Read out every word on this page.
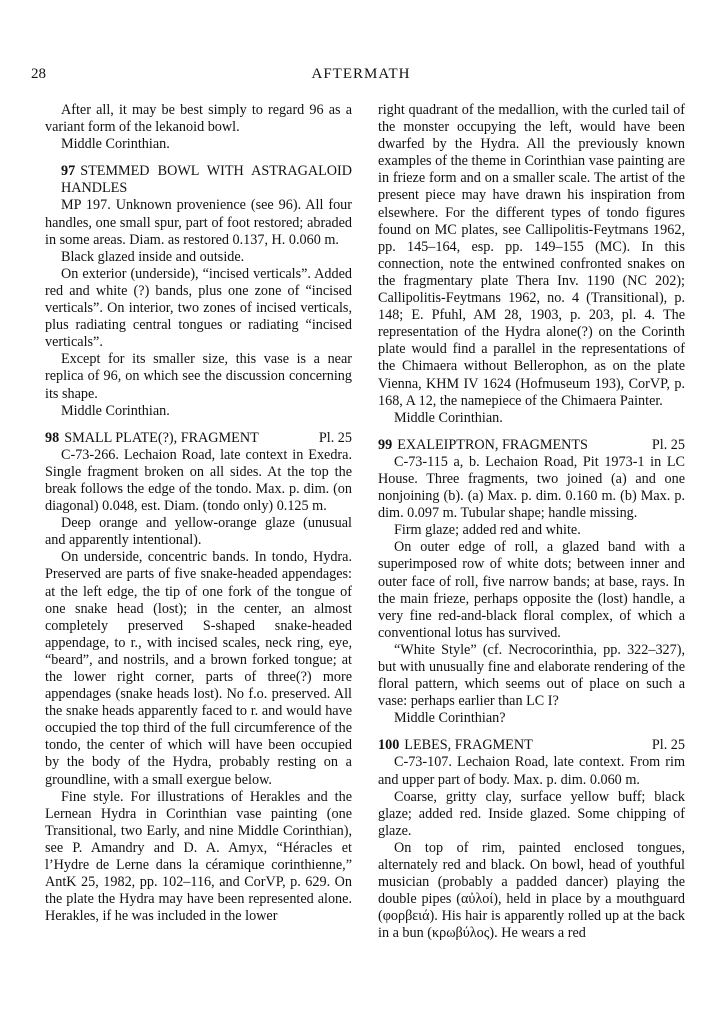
28	AFTERMATH

After all, it may be best simply to regard 96 as a variant form of the lekanoid bowl.

Middle Corinthian.

97 STEMMED BOWL WITH ASTRAGALOID HANDLES

MP 197. Unknown provenience (see 96). All four handles, one small spur, part of foot restored; abraded in some areas. Diam. as restored 0.137, H. 0.060 m.

Black glazed inside and outside.

On exterior (underside), “incised verticals”. Added red and white (?) bands, plus one zone of “incised verticals”. On interior, two zones of incised verticals, plus radiating central tongues or radiating “incised verticals”.

Except for its smaller size, this vase is a near replica of 96, on which see the discussion concerning its shape.

Middle Corinthian.

98 SMALL PLATE(?), FRAGMENT	Pl. 25

C-73-266. Lechaion Road, late context in Exedra. Single fragment broken on all sides. At the top the break follows the edge of the tondo. Max. p. dim. (on diagonal) 0.048, est. Diam. (tondo only) 0.125 m.

Deep orange and yellow-orange glaze (unusual and apparently intentional).

On underside, concentric bands. In tondo, Hydra. Preserved are parts of five snake-headed appendages: at the left edge, the tip of one fork of the tongue of one snake head (lost); in the center, an almost completely preserved S-shaped snake-headed appendage, to r., with incised scales, neck ring, eye, “beard”, and nostrils, and a brown forked tongue; at the lower right corner, parts of three(?) more appendages (snake heads lost). No f.o. preserved. All the snake heads apparently faced to r. and would have occupied the top third of the full circumference of the tondo, the center of which will have been occupied by the body of the Hydra, probably resting on a groundline, with a small exergue below.

Fine style. For illustrations of Herakles and the Lernean Hydra in Corinthian vase painting (one Transitional, two Early, and nine Middle Corinthian), see P. Amandry and D. A. Amyx, “Héracles et l’Hydre de Lerne dans la céramique corinthienne,” AntK 25, 1982, pp. 102–116, and CorVP, p. 629. On the plate the Hydra may have been represented alone. Herakles, if he was included in the lower

right quadrant of the medallion, with the curled tail of the monster occupying the left, would have been dwarfed by the Hydra. All the previously known examples of the theme in Corinthian vase painting are in frieze form and on a smaller scale. The artist of the present piece may have drawn his inspiration from elsewhere. For the different types of tondo figures found on MC plates, see Callipolitis-Feytmans 1962, pp. 145–164, esp. pp. 149–155 (MC). In this connection, note the entwined confronted snakes on the fragmentary plate Thera Inv. 1190 (NC 202); Callipolitis-Feytmans 1962, no. 4 (Transitional), p. 148; E. Pfuhl, AM 28, 1903, p. 203, pl. 4. The representation of the Hydra alone(?) on the Corinth plate would find a parallel in the representations of the Chimaera without Bellerophon, as on the plate Vienna, KHM IV 1624 (Hofmuseum 193), CorVP, p. 168, A 12, the namepiece of the Chimaera Painter.

Middle Corinthian.

99 EXALEIPTRON, FRAGMENTS	Pl. 25

C-73-115 a, b. Lechaion Road, Pit 1973-1 in LC House. Three fragments, two joined (a) and one nonjoining (b). (a) Max. p. dim. 0.160 m. (b) Max. p. dim. 0.097 m. Tubular shape; handle missing.

Firm glaze; added red and white.

On outer edge of roll, a glazed band with a superimposed row of white dots; between inner and outer face of roll, five narrow bands; at base, rays. In the main frieze, perhaps opposite the (lost) handle, a very fine red-and-black floral complex, of which a conventional lotus has survived.

“White Style” (cf. Necrocorinthia, pp. 322–327), but with unusually fine and elaborate rendering of the floral pattern, which seems out of place on such a vase: perhaps earlier than LC I?

Middle Corinthian?

100 LEBES, FRAGMENT	Pl. 25

C-73-107. Lechaion Road, late context. From rim and upper part of body. Max. p. dim. 0.060 m.

Coarse, gritty clay, surface yellow buff; black glaze; added red. Inside glazed. Some chipping of glaze.

On top of rim, painted enclosed tongues, alternately red and black. On bowl, head of youthful musician (probably a padded dancer) playing the double pipes (αὐλοί), held in place by a mouthguard (φορβειά). His hair is apparently rolled up at the back in a bun (κρωβύλος). He wears a red
